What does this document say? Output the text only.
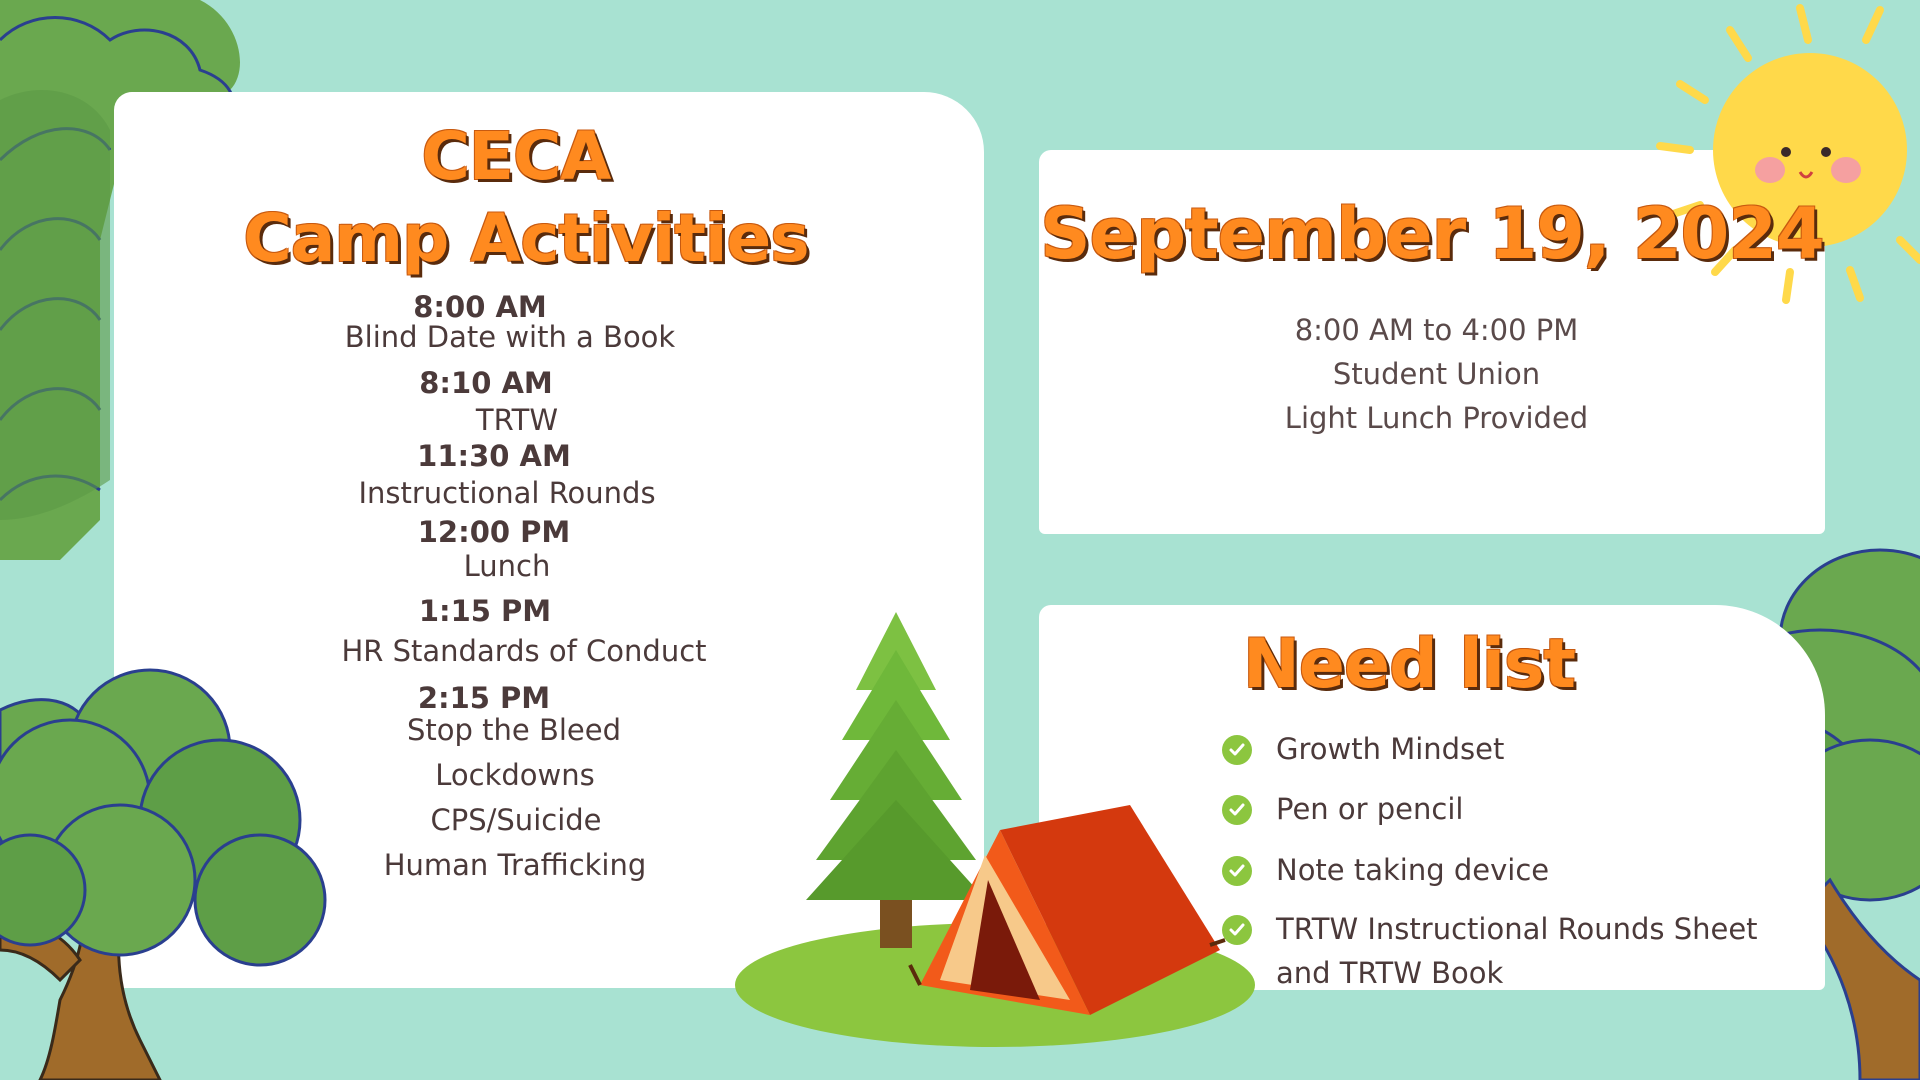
CECA
Camp Activities
8:00 AM
Blind Date with a Book
8:10 AM
TRTW
11:30 AM
Instructional Rounds
12:00 PM
Lunch
1:15 PM
HR Standards of Conduct
2:15 PM
Stop the Bleed
Lockdowns
CPS/Suicide
Human Trafficking
September 19, 2024
8:00 AM to 4:00 PM
Student Union
Light Lunch Provided
Need list
Growth Mindset
Pen or pencil
Note taking device
TRTW Instructional Rounds Sheet and TRTW Book
